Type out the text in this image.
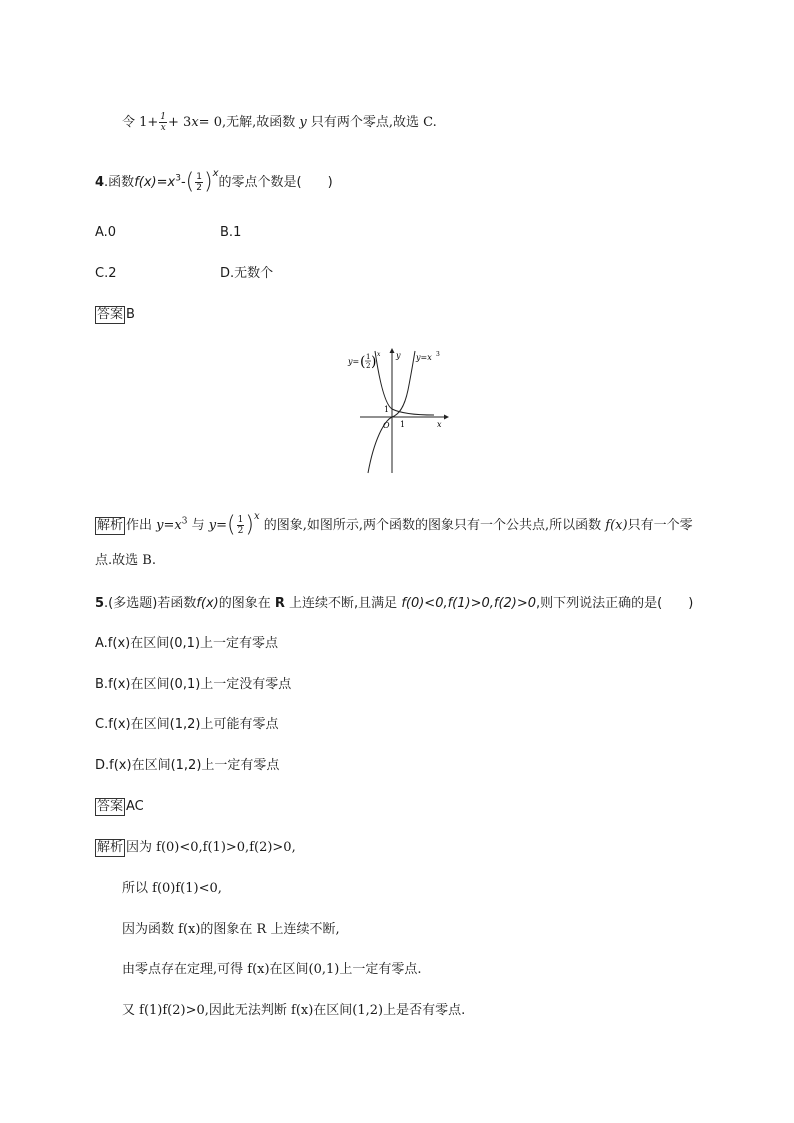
令 $1+ \frac{1}{x} + 3x= 0$,无解,故函数 y 只有两个零点,故选 C.
4.函数$f(x)=x^3-( \frac{1}{2} )^x$的零点个数是(　　)
A.0	B.1
C.2	D.无数个
答案 B
y= ( 1
2 ) x y y=x 3
1
1
O	x
解析 作出 $y=x^3$ 与 $y=( \frac{1}{2} )^x$ 的图象,如图所示,两个函数的图象只有一个公共点,所以函数 f(x)只有一个零
点.故选 B.
5.(多选题)若函数f(x)的图象在 R 上连续不断,且满足 f(0)<0,f(1)>0,f(2)>0,则下列说法正确的是(　　)
A.f(x)在区间(0,1)上一定有零点
B.f(x)在区间(0,1)上一定没有零点
C.f(x)在区间(1,2)上可能有零点
D.f(x)在区间(1,2)上一定有零点
答案 AC
解析 因为 f(0)<0,f(1)>0,f(2)>0,
所以 f(0)f(1)<0,
因为函数 f(x)的图象在 R 上连续不断,
由零点存在定理,可得 f(x)在区间(0,1)上一定有零点.
又 f(1)f(2)>0,因此无法判断 f(x)在区间(1,2)上是否有零点.
